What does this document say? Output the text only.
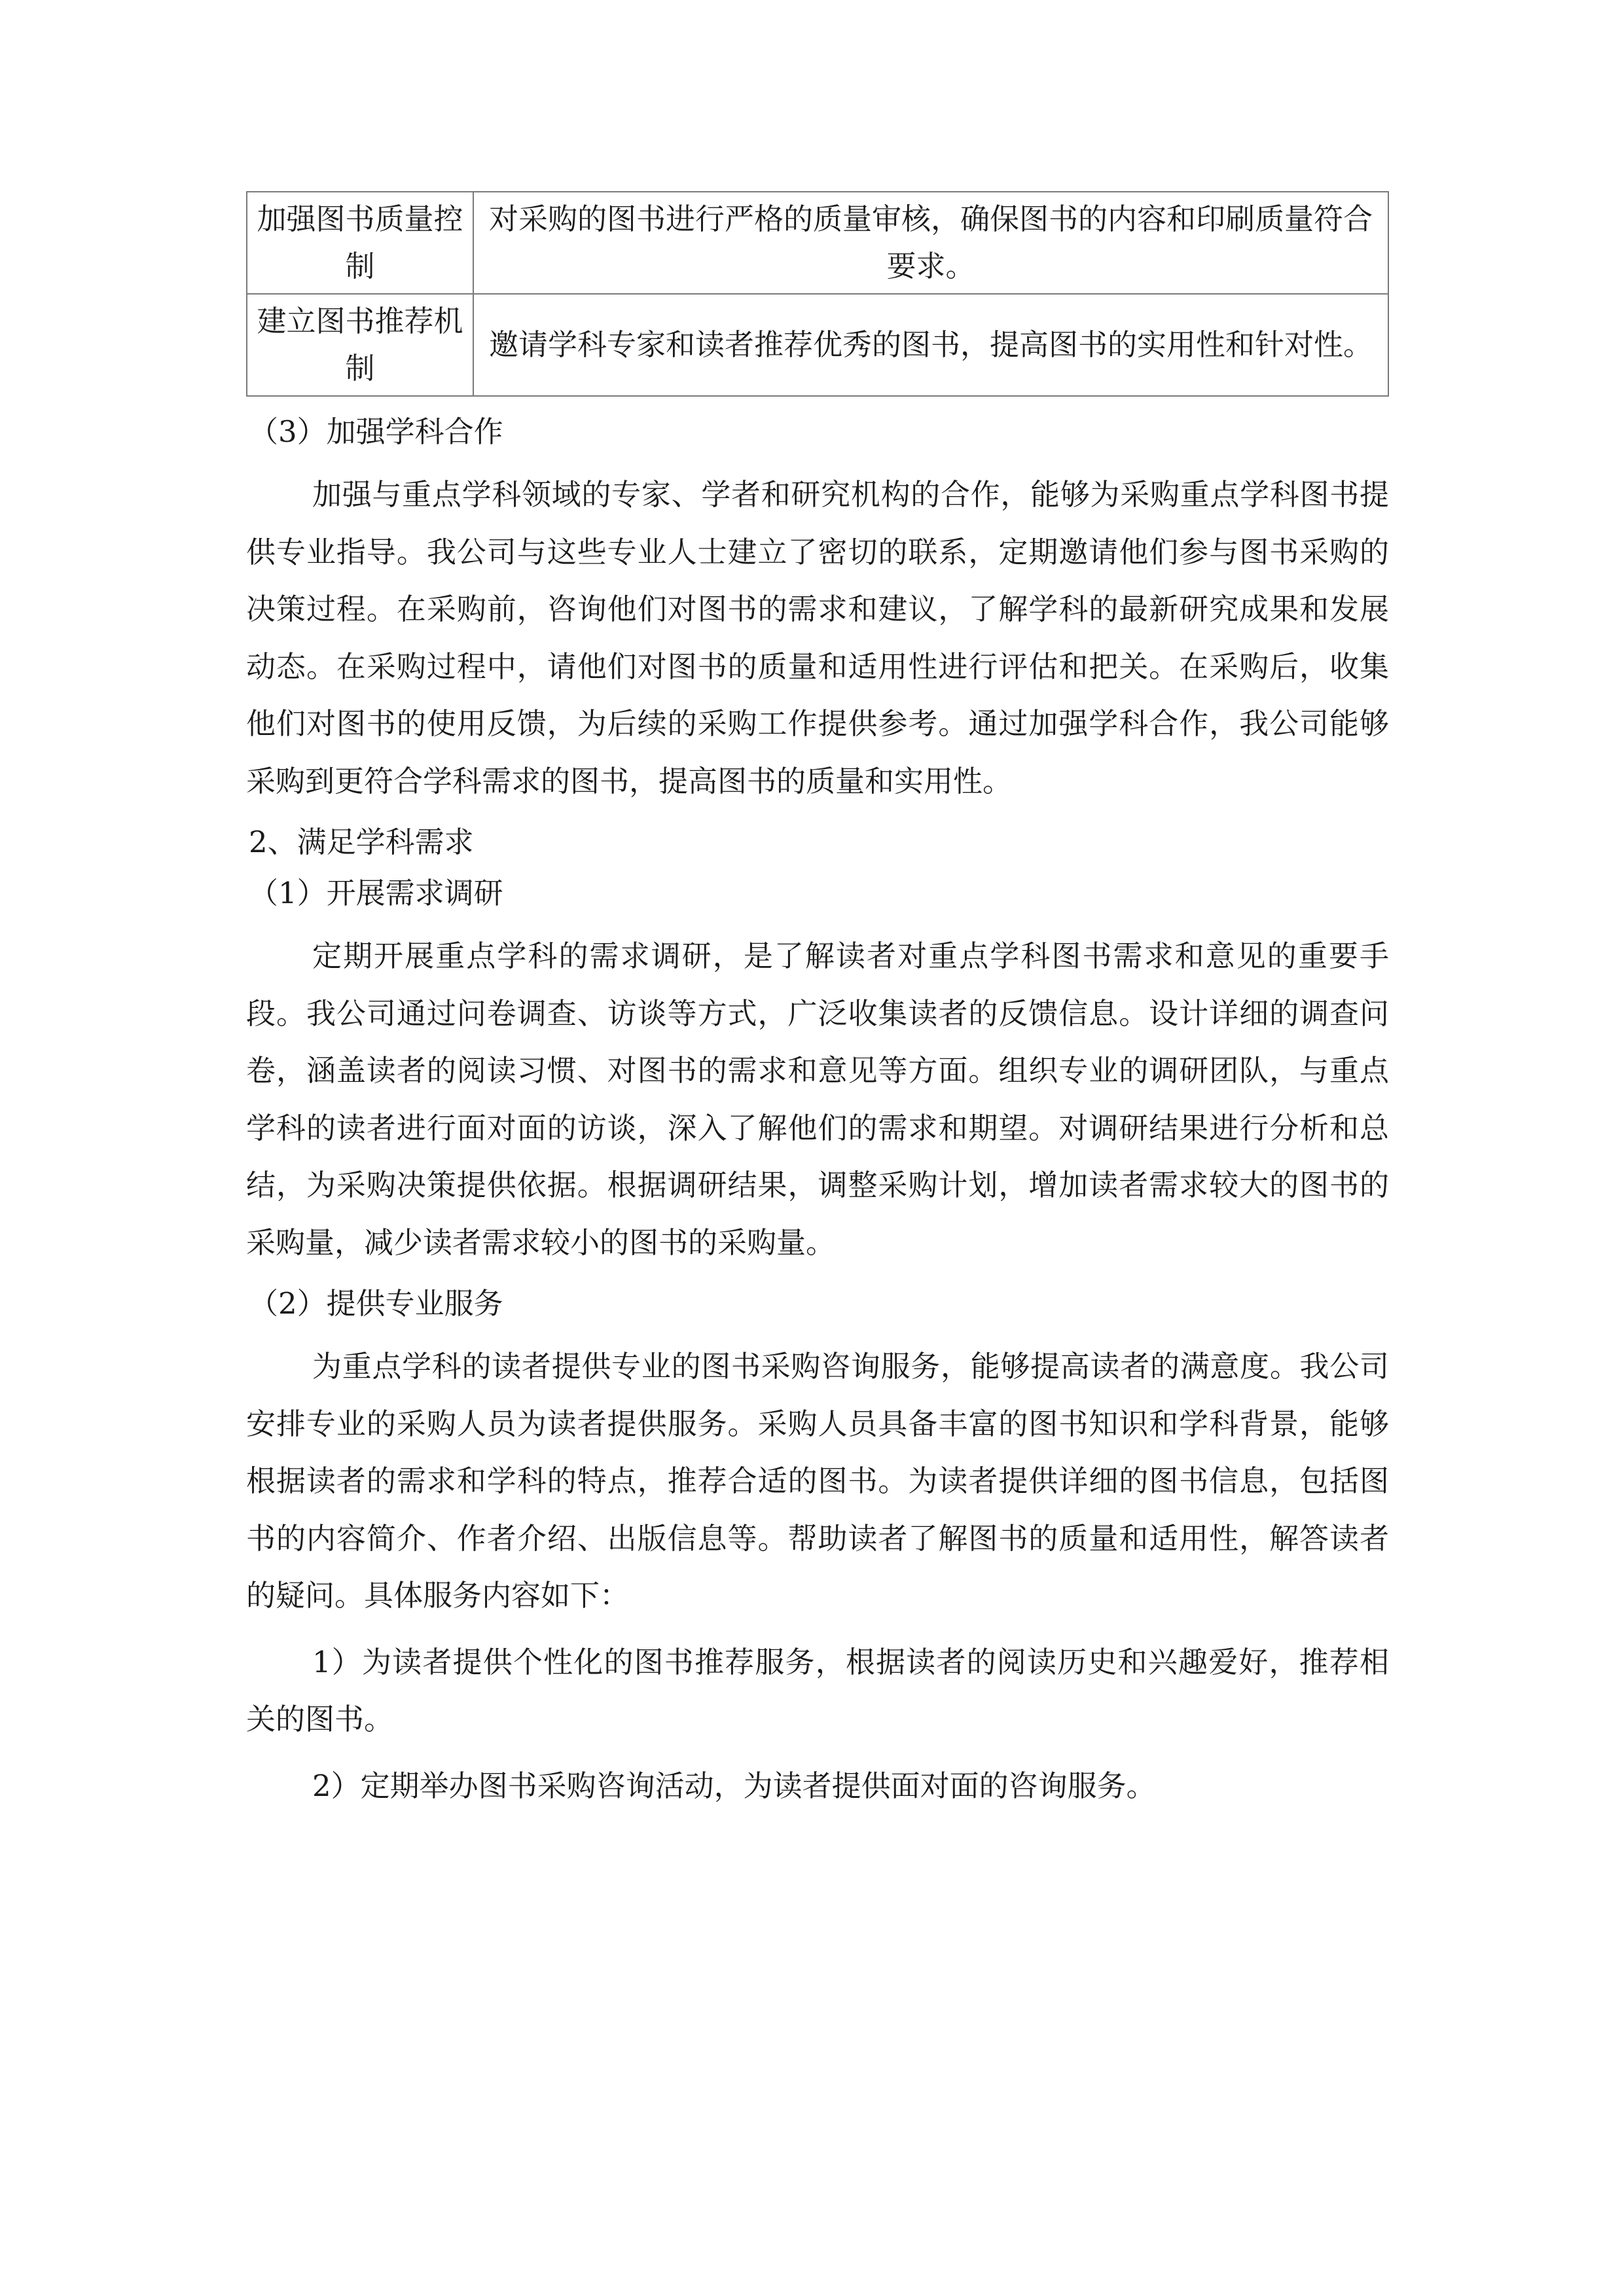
加强图书质量控制	对采购的图书进行严格的质量审核，确保图书的内容和印刷质量符合要求。
建立图书推荐机制	邀请学科专家和读者推荐优秀的图书，提高图书的实用性和针对性。

（3）加强学科合作

加强与重点学科领域的专家、学者和研究机构的合作，能够为采购重点学科图书提供专业指导。我公司与这些专业人士建立了密切的联系，定期邀请他们参与图书采购的决策过程。在采购前，咨询他们对图书的需求和建议，了解学科的最新研究成果和发展动态。在采购过程中，请他们对图书的质量和适用性进行评估和把关。在采购后，收集他们对图书的使用反馈，为后续的采购工作提供参考。通过加强学科合作，我公司能够采购到更符合学科需求的图书，提高图书的质量和实用性。

2、满足学科需求

（1）开展需求调研

定期开展重点学科的需求调研，是了解读者对重点学科图书需求和意见的重要手段。我公司通过问卷调查、访谈等方式，广泛收集读者的反馈信息。设计详细的调查问卷，涵盖读者的阅读习惯、对图书的需求和意见等方面。组织专业的调研团队，与重点学科的读者进行面对面的访谈，深入了解他们的需求和期望。对调研结果进行分析和总结，为采购决策提供依据。根据调研结果，调整采购计划，增加读者需求较大的图书的采购量，减少读者需求较小的图书的采购量。

（2）提供专业服务

为重点学科的读者提供专业的图书采购咨询服务，能够提高读者的满意度。我公司安排专业的采购人员为读者提供服务。采购人员具备丰富的图书知识和学科背景，能够根据读者的需求和学科的特点，推荐合适的图书。为读者提供详细的图书信息，包括图书的内容简介、作者介绍、出版信息等。帮助读者了解图书的质量和适用性，解答读者的疑问。具体服务内容如下：

1）为读者提供个性化的图书推荐服务，根据读者的阅读历史和兴趣爱好，推荐相关的图书。

2）定期举办图书采购咨询活动，为读者提供面对面的咨询服务。
